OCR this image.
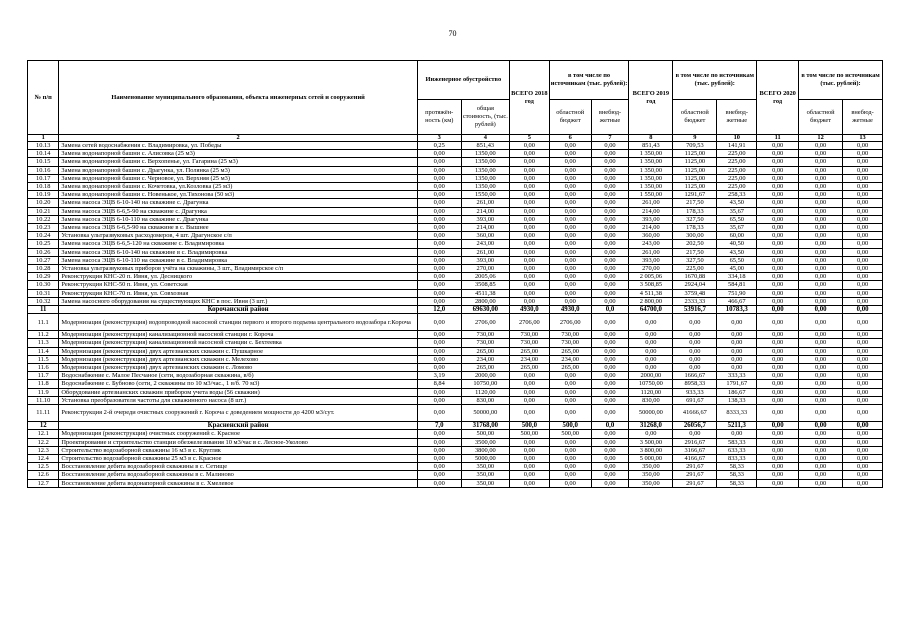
70
№ п/п	Наименование муниципального образования, объекта инженерных сетей и сооружений	Инженерное обустройство		ВСЕГО 2018 год	в том числе по источникам (тыс. рублей):		ВСЕГО 2019 год	в том числе по источникам (тыс. рублей):		ВСЕГО 2020 год	в том числе по источникам (тыс. рублей):	
		протяжён-ность (км)	общая стоимость, (тыс. рублей)		областной бюджет	внебюд-жетные		областной бюджет	внебюд-жетные		областной бюджет	внебюд-жетные
1	2	3	4	5	6	7	8	9	10	11	12	13
10.13	Замена сетей водоснабжения с. Владимировка, ул. Победы	0,25	851,43	0,00	0,00	0,00	851,43	709,53	141,91	0,00	0,00	0,00
10.14	Замена водонапорной башни с. Алисовка (25 м3)	0,00	1350,00	0,00	0,00	0,00	1 350,00	1125,00	225,00	0,00	0,00	0,00
10.15	Замена водонапорной башни с. Верхопенье, ул. Гагарина (25 м3)	0,00	1350,00	0,00	0,00	0,00	1 350,00	1125,00	225,00	0,00	0,00	0,00
10.16	Замена водонапорной башни с. Драгунка, ул. Полянка (25 м3)	0,00	1350,00	0,00	0,00	0,00	1 350,00	1125,00	225,00	0,00	0,00	0,00
10.17	Замена водонапорной башни с. Черновое, ул. Верхняя (25 м3)	0,00	1350,00	0,00	0,00	0,00	1 350,00	1125,00	225,00	0,00	0,00	0,00
10.18	Замена водонапорной башни с. Кочетовка, ул.Козловка (25 м3)	0,00	1350,00	0,00	0,00	0,00	1 350,00	1125,00	225,00	0,00	0,00	0,00
10.19	Замена водонапорной башни с. Новенькое, ул.Тихонова (50 м3)	0,00	1550,00	0,00	0,00	0,00	1 550,00	1291,67	258,33	0,00	0,00	0,00
10.20	Замена насоса ЭЦВ 6-10-140 на скважине с. Драгунка	0,00	261,00	0,00	0,00	0,00	261,00	217,50	43,50	0,00	0,00	0,00
10.21	Замена насоса ЭЦВ 6-6,5-90 на скважине с. Драгунка	0,00	214,00	0,00	0,00	0,00	214,00	178,33	35,67	0,00	0,00	0,00
10.22	Замена насоса ЭЦВ 6-10-110 на скважине с. Драгунка	0,00	393,00	0,00	0,00	0,00	393,00	327,50	65,50	0,00	0,00	0,00
10.23	Замена насоса ЭЦВ 6-6,5-90 на скважине в с. Вышнее	0,00	214,00	0,00	0,00	0,00	214,00	178,33	35,67	0,00	0,00	0,00
10.24	Установка ультразвуковых расходомеров, 4 шт. Драгунское с/п	0,00	360,00	0,00	0,00	0,00	360,00	300,00	60,00	0,00	0,00	0,00
10.25	Замена насоса ЭЦВ 6-6,5-120 на скважине с. Владимировка	0,00	243,00	0,00	0,00	0,00	243,00	202,50	40,50	0,00	0,00	0,00
10.26	Замена насоса ЭЦВ 6-10-140 на скважине в с. Владимировка	0,00	261,00	0,00	0,00	0,00	261,00	217,50	43,50	0,00	0,00	0,00
10.27	Замена насоса ЭЦВ 6-10-110 на скважине в с. Владимировка	0,00	393,00	0,00	0,00	0,00	393,00	327,50	65,50	0,00	0,00	0,00
10.28	Установка ультразвуковых приборов учёта на скважины, 3 шт., Владимирское с/п	0,00	270,00	0,00	0,00	0,00	270,00	225,00	45,00	0,00	0,00	0,00
10.29	Реконструкция КНС-20 п. Ивня, ул. Десницкого	0,00	2005,06	0,00	0,00	0,00	2 005,06	1670,88	334,18	0,00	0,00	0,00
10.30	Реконструкция КНС-50 п. Ивня, ул. Советская	0,00	3508,85	0,00	0,00	0,00	3 508,85	2924,04	584,81	0,00	0,00	0,00
10.31	Реконструкция КНС-70 п. Ивня, ул. Совхозная	0,00	4511,38	0,00	0,00	0,00	4 511,38	3759,48	751,90	0,00	0,00	0,00
10.32	Замена насосного оборудования на существующих КНС в пос. Ивня (3 шт.)	0,00	2800,00	0,00	0,00	0,00	2 800,00	2333,33	466,67	0,00	0,00	0,00
11	Корочанский район	12,0	69630,00	4930,0	4930,0	0,0	64700,0	53916,7	10783,3	0,00	0,00	0,00
11.1	Модернизация (реконструкция) водопроводной насосной станции первого и второго подъема центрального водозабора г.Короча	0,00	2706,00	2706,00	2706,00	0,00	0,00	0,00	0,00	0,00	0,00	0,00
11.2	Модернизация (реконструкция) канализационной насосной станции г. Короча	0,00	730,00	730,00	730,00	0,00	0,00	0,00	0,00	0,00	0,00	0,00
11.3	Модернизация (реконструкция) канализационной насосной станции с. Бехтеевка	0,00	730,00	730,00	730,00	0,00	0,00	0,00	0,00	0,00	0,00	0,00
11.4	Модернизация (реконструкция) двух артезианских скважин с. Пушкарное	0,00	265,00	265,00	265,00	0,00	0,00	0,00	0,00	0,00	0,00	0,00
11.5	Модернизация (реконструкция) двух артезианских скважин с. Мелехово	0,00	234,00	234,00	234,00	0,00	0,00	0,00	0,00	0,00	0,00	0,00
11.6	Модернизация (реконструкция) двух артезианских скважин с. Ломово	0,00	265,00	265,00	265,00	0,00	0,00	0,00	0,00	0,00	0,00	0,00
11.7	Водоснабжение с. Малое Песчаное (сети, водозаборная скважина, в/б)	3,19	2000,00	0,00	0,00	0,00	2000,00	1666,67	333,33	0,00	0,00	0,00
11.8	Водоснабжение с. Бубново (сети, 2 скважины по 10 м3/час., 1 в/б. 70 м3)	8,84	10750,00	0,00	0,00	0,00	10750,00	8958,33	1791,67	0,00	0,00	0,00
11.9	Оборудование артезианских скважин прибором учета воды (56 скважин)	0,00	1120,00	0,00	0,00	0,00	1120,00	933,33	186,67	0,00	0,00	0,00
11.10	Установка преобразователя частоты для скважинного насоса (8 шт.)	0,00	830,00	0,00	0,00	0,00	830,00	691,67	138,33	0,00	0,00	0,00
11.11	Реконструкция 2-й очереди очистных сооружений г. Короча с доведением мощности до 4200 м3/сут.	0,00	50000,00	0,00	0,00	0,00	50000,00	41666,67	8333,33	0,00	0,00	0,00
12	Красненский район	7,0	31768,00	500,0	500,0	0,0	31268,0	26056,7	5211,3	0,00	0,00	0,00
12.1	Модернизация (реконструкция) очистных сооружений с. Красное	0,00	500,00	500,00	500,00	0,00	0,00	0,00	0,00	0,00	0,00	0,00
12.2	Проектирование и строительство станции обезжелезивания 10 м3/час в с. Лесное-Уколово	0,00	3500,00	0,00	0,00	0,00	3 500,00	2916,67	583,33	0,00	0,00	0,00
12.3	Строительство водозаборной скважины 16 м3 в с. Кругляк	0,00	3800,00	0,00	0,00	0,00	3 800,00	3166,67	633,33	0,00	0,00	0,00
12.4	Строительство водозаборной скважины 25 м3 в с. Красное	0,00	5000,00	0,00	0,00	0,00	5 000,00	4166,67	833,33	0,00	0,00	0,00
12.5	Восстановление дебита водозаборной скважины в с. Сетище	0,00	350,00	0,00	0,00	0,00	350,00	291,67	58,33	0,00	0,00	0,00
12.6	Восстановление дебита водозаборной скважины в с. Малиново	0,00	350,00	0,00	0,00	0,00	350,00	291,67	58,33	0,00	0,00	0,00
12.7	Восстановление дебита водонапорной скважины в с. Хмелевое	0,00	350,00	0,00	0,00	0,00	350,00	291,67	58,33	0,00	0,00	0,00
